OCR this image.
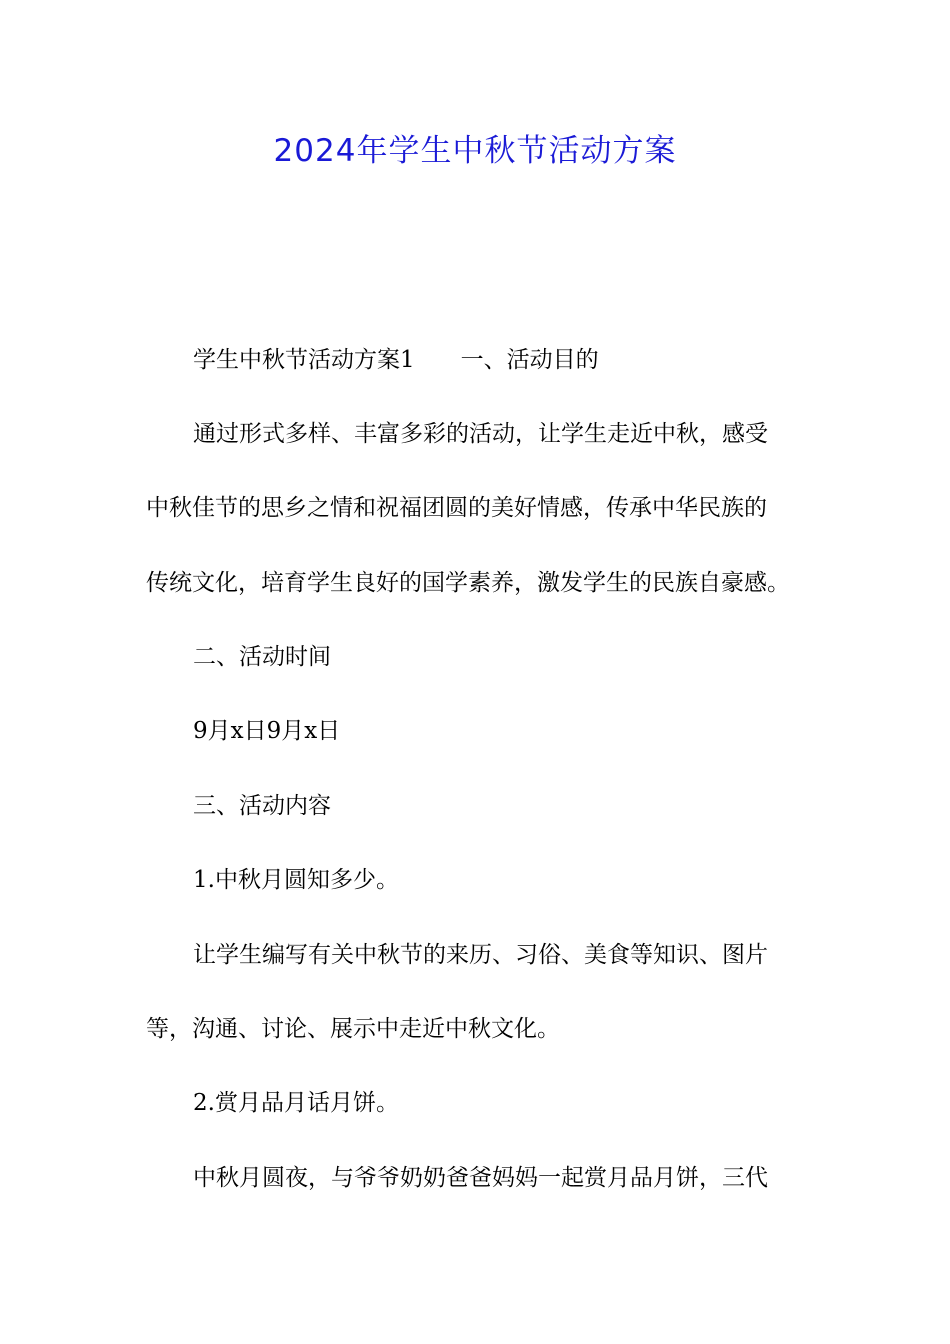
2024年学生中秋节活动方案

学生中秋节活动方案1 一、活动目的

通过形式多样、丰富多彩的活动，让学生走近中秋，感受

中秋佳节的思乡之情和祝福团圆的美好情感，传承中华民族的

传统文化，培育学生良好的国学素养，激发学生的民族自豪感。

二、活动时间

9月x日9月x日

三、活动内容

1.中秋月圆知多少。

让学生编写有关中秋节的来历、习俗、美食等知识、图片

等，沟通、讨论、展示中走近中秋文化。

2.赏月品月话月饼。

中秋月圆夜，与爷爷奶奶爸爸妈妈一起赏月品月饼，三代
